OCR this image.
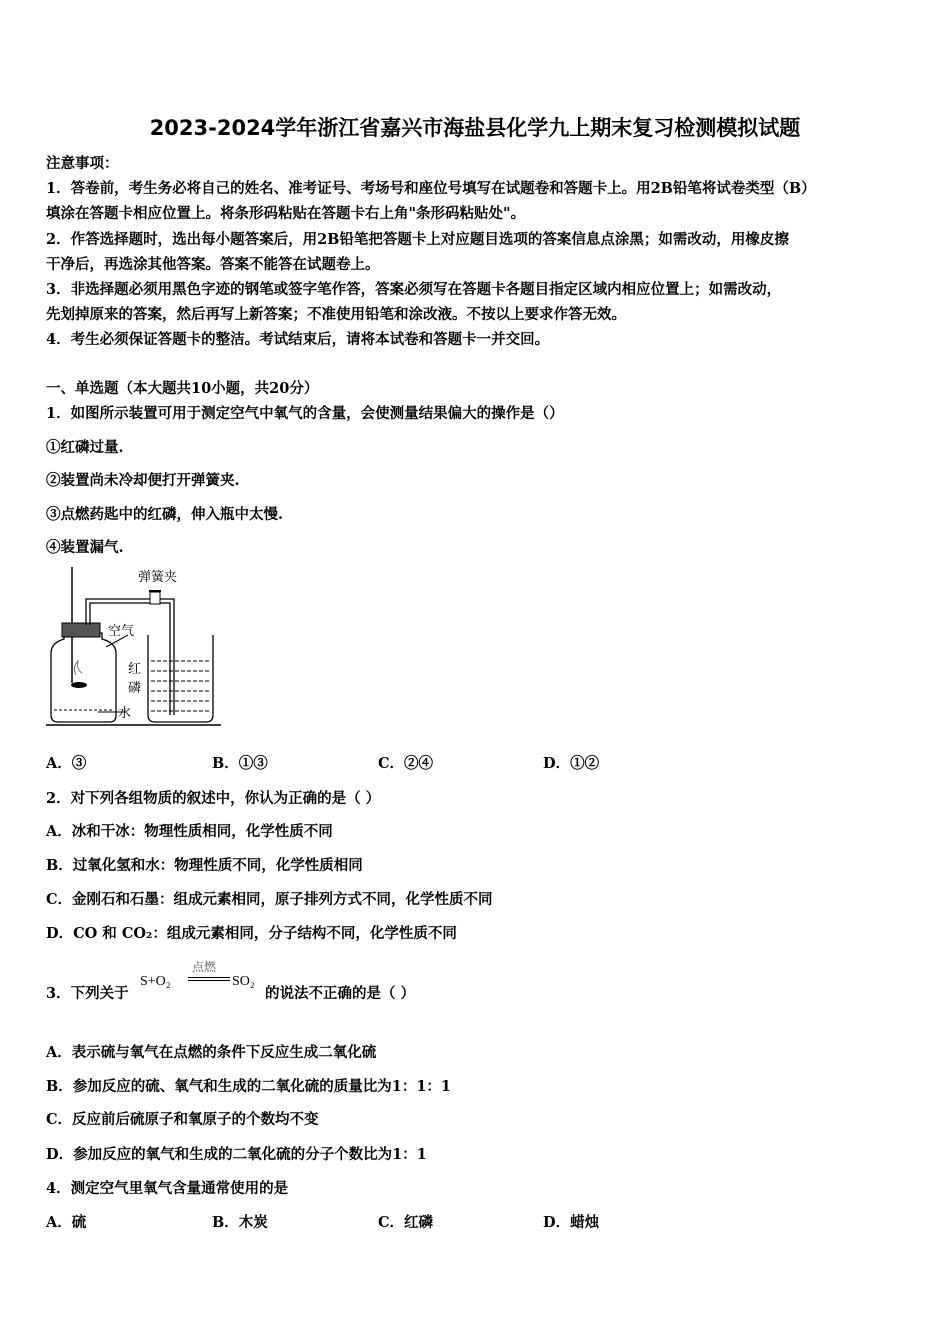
2023-2024学年浙江省嘉兴市海盐县化学九上期末复习检测模拟试题
注意事项：
1．答卷前，考生务必将自己的姓名、准考证号、考场号和座位号填写在试题卷和答题卡上。用2B铅笔将试卷类型（B）
填涂在答题卡相应位置上。将条形码粘贴在答题卡右上角"条形码粘贴处"。
2．作答选择题时，选出每小题答案后，用2B铅笔把答题卡上对应题目选项的答案信息点涂黑；如需改动，用橡皮擦
干净后，再选涂其他答案。答案不能答在试题卷上。
3．非选择题必须用黑色字迹的钢笔或签字笔作答，答案必须写在答题卡各题目指定区域内相应位置上；如需改动，
先划掉原来的答案，然后再写上新答案；不准使用铅笔和涂改液。不按以上要求作答无效。
4．考生必须保证答题卡的整洁。考试结束后，请将本试卷和答题卡一并交回。
一、单选题（本大题共10小题，共20分）
1．如图所示装置可用于测定空气中氧气的含量，会使测量结果偏大的操作是（）
①红磷过量.
②装置尚未冷却便打开弹簧夹.
③点燃药匙中的红磷，伸入瓶中太慢.
④装置漏气.
弹簧夹
空气
红
磷
水
A．③	B．①③	C．②④	D．①②
2．对下列各组物质的叙述中，你认为正确的是（ ）
A．冰和干冰：物理性质相同，化学性质不同
B．过氧化氢和水：物理性质不同，化学性质相同
C．金刚石和石墨：组成元素相同，原子排列方式不同，化学性质不同
D．CO 和 CO₂：组成元素相同，分子结构不同，化学性质不同
3．下列关于
S+O₂
点燃
SO₂
的说法不正确的是（ ）
A．表示硫与氧气在点燃的条件下反应生成二氧化硫
B．参加反应的硫、氧气和生成的二氧化硫的质量比为1：1：1
C．反应前后硫原子和氧原子的个数均不变
D．参加反应的氧气和生成的二氧化硫的分子个数比为1：1
4．测定空气里氧气含量通常使用的是
A．硫	B．木炭	C．红磷	D．蜡烛
